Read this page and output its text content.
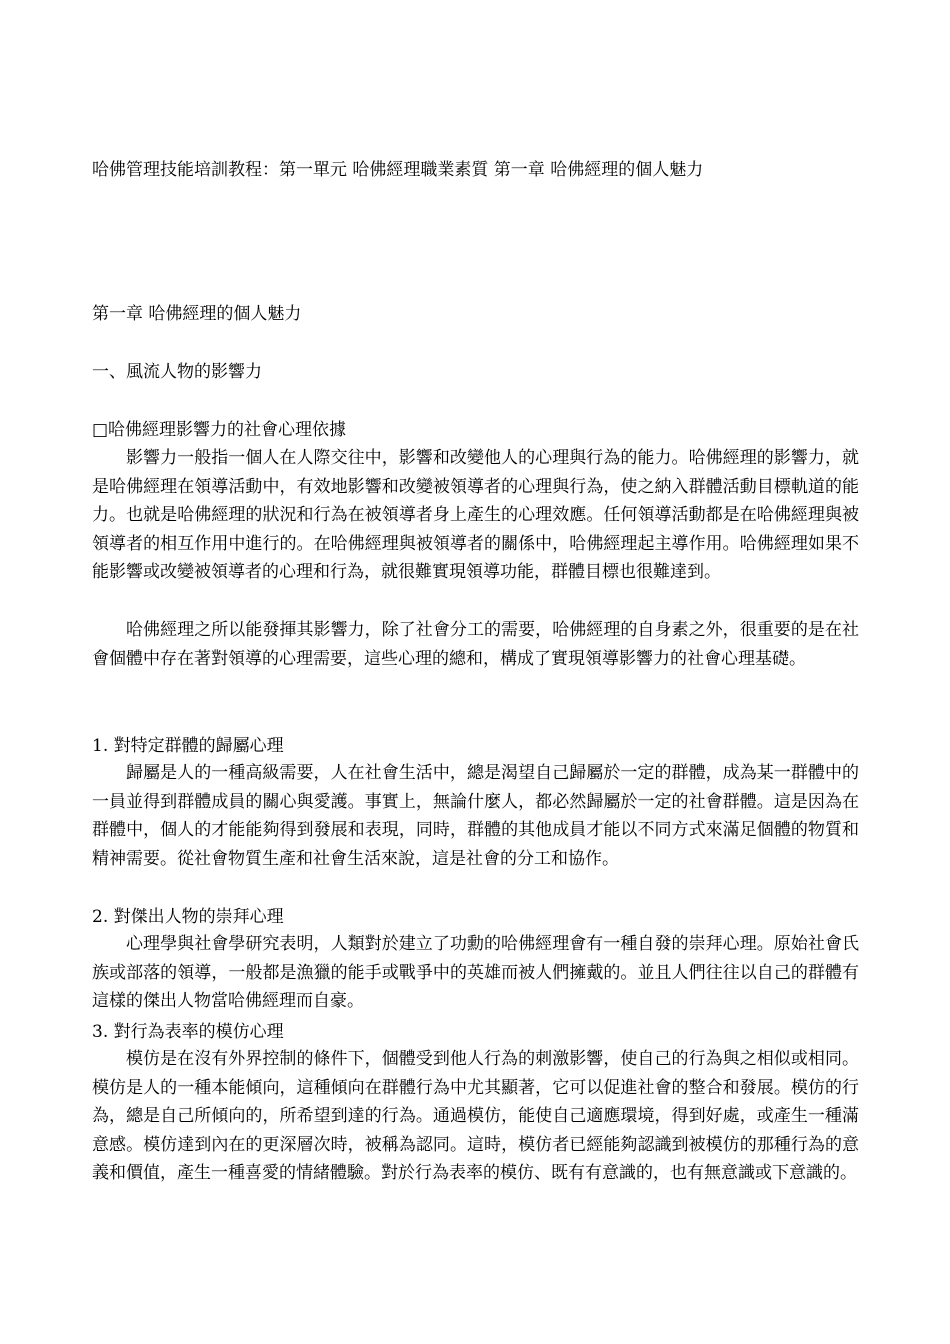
哈佛管理技能培訓教程：第一單元 哈佛經理職業素質 第一章 哈佛經理的個人魅力

第一章 哈佛經理的個人魅力

一、風流人物的影響力

□哈佛經理影響力的社會心理依據

影響力一般指一個人在人際交往中，影響和改變他人的心理與行為的能力。哈佛經理的影響力，就是哈佛經理在領導活動中，有效地影響和改變被領導者的心理與行為，使之納入群體活動目標軌道的能力。也就是哈佛經理的狀況和行為在被領導者身上產生的心理效應。任何領導活動都是在哈佛經理與被領導者的相互作用中進行的。在哈佛經理與被領導者的關係中，哈佛經理起主導作用。哈佛經理如果不能影響或改變被領導者的心理和行為，就很難實現領導功能，群體目標也很難達到。

哈佛經理之所以能發揮其影響力，除了社會分工的需要，哈佛經理的自身素之外，很重要的是在社會個體中存在著對領導的心理需要，這些心理的總和，構成了實現領導影響力的社會心理基礎。

1. 對特定群體的歸屬心理

歸屬是人的一種高級需要，人在社會生活中，總是渴望自己歸屬於一定的群體，成為某一群體中的一員並得到群體成員的關心與愛護。事實上，無論什麼人，都必然歸屬於一定的社會群體。這是因為在群體中，個人的才能能夠得到發展和表現，同時，群體的其他成員才能以不同方式來滿足個體的物質和精神需要。從社會物質生產和社會生活來說，這是社會的分工和協作。

2. 對傑出人物的崇拜心理

心理學與社會學研究表明，人類對於建立了功勳的哈佛經理會有一種自發的崇拜心理。原始社會氏族或部落的領導，一般都是漁獵的能手或戰爭中的英雄而被人們擁戴的。並且人們往往以自己的群體有這樣的傑出人物當哈佛經理而自豪。

3. 對行為表率的模仿心理

模仿是在沒有外界控制的條件下，個體受到他人行為的刺激影響，使自己的行為與之相似或相同。模仿是人的一種本能傾向，這種傾向在群體行為中尤其顯著，它可以促進社會的整合和發展。模仿的行為，總是自己所傾向的，所希望到達的行為。通過模仿，能使自己適應環境，得到好處，或產生一種滿意感。模仿達到內在的更深層次時，被稱為認同。這時，模仿者已經能夠認識到被模仿的那種行為的意義和價值，產生一種喜愛的情緒體驗。對於行為表率的模仿、既有有意識的，也有無意識或下意識的。
